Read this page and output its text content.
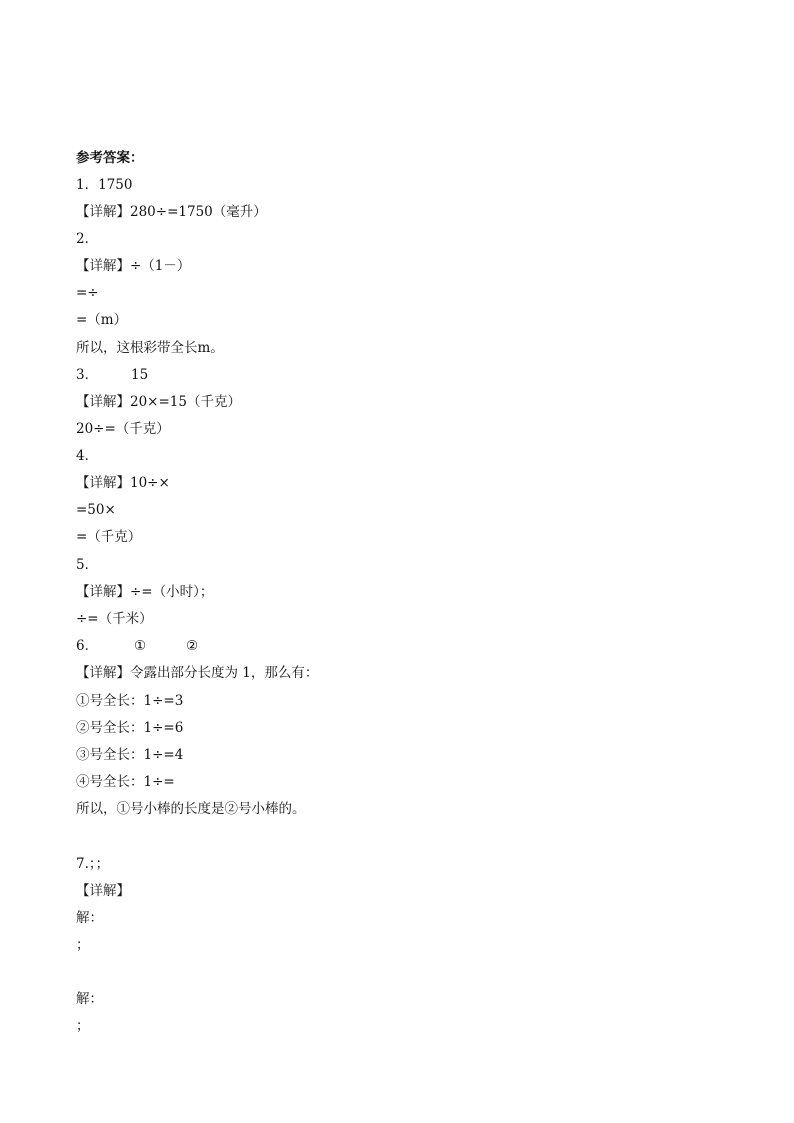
参考答案：
1．1750
【详解】280÷=1750（毫升）
2．
【详解】÷（1－）
=÷
=（m）
所以，这根彩带全长m。
3． 15
【详解】20×=15（千克）
20÷=（千克）
4．
【详解】10÷×
=50×
=（千克）
5．
【详解】÷=（小时）；
÷=（千米）
6．	①	②
【详解】令露出部分长度为 1，那么有：
①号全长：1÷=3
②号全长：1÷=6
③号全长：1÷=4
④号全长：1÷=
所以，①号小棒的长度是②号小棒的。
7.；；
【详解】
解：
；
解：
；
